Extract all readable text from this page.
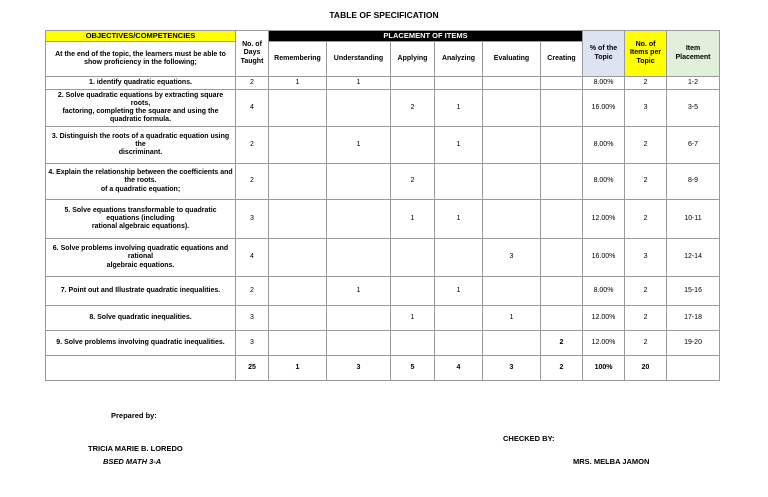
TABLE OF SPECIFICATION
OBJECTIVES/COMPETENCIES	No. of Days Taught	PLACEMENT OF ITEMS						% of the Topic	No. of Items per Topic	Item Placement
At the end of the topic, the learners must be able to show proficiency in the following;		Remembering	Understanding	Applying	Analyzing	Evaluating	Creating			
1. identify quadratic equations.	2	1	1					8.00%	2	1-2
2. Solve quadratic equations by extracting square roots,
factoring, completing the square and using the quadratic formula.	4			2	1			16.00%	3	3-5
3. Distinguish the roots of a quadratic equation using the
discriminant.	2		1		1			8.00%	2	6-7
4. Explain the relationship between the coefficients and the roots.
of a quadratic equation;	2			2				8.00%	2	8-9
5. Solve equations transformable to quadratic equations (including
rational algebraic equations).	3			1	1			12.00%	2	10-11
6. Solve problems involving quadratic equations and rational
algebraic equations.	4					3		16.00%	3	12-14
7. Point out and Illustrate quadratic inequalities.	2		1		1			8.00%	2	15-16
8. Solve quadratic inequalities.	3			1		1		12.00%	2	17-18
9. Solve problems involving quadratic inequalities.	3						2	12.00%	2	19-20
	25	1	3	5	4	3	2	100%	20	
Prepared by:
TRICIA MARIE B. LOREDO
BSED MATH 3-A
CHECKED BY:
MRS. MELBA JAMON
